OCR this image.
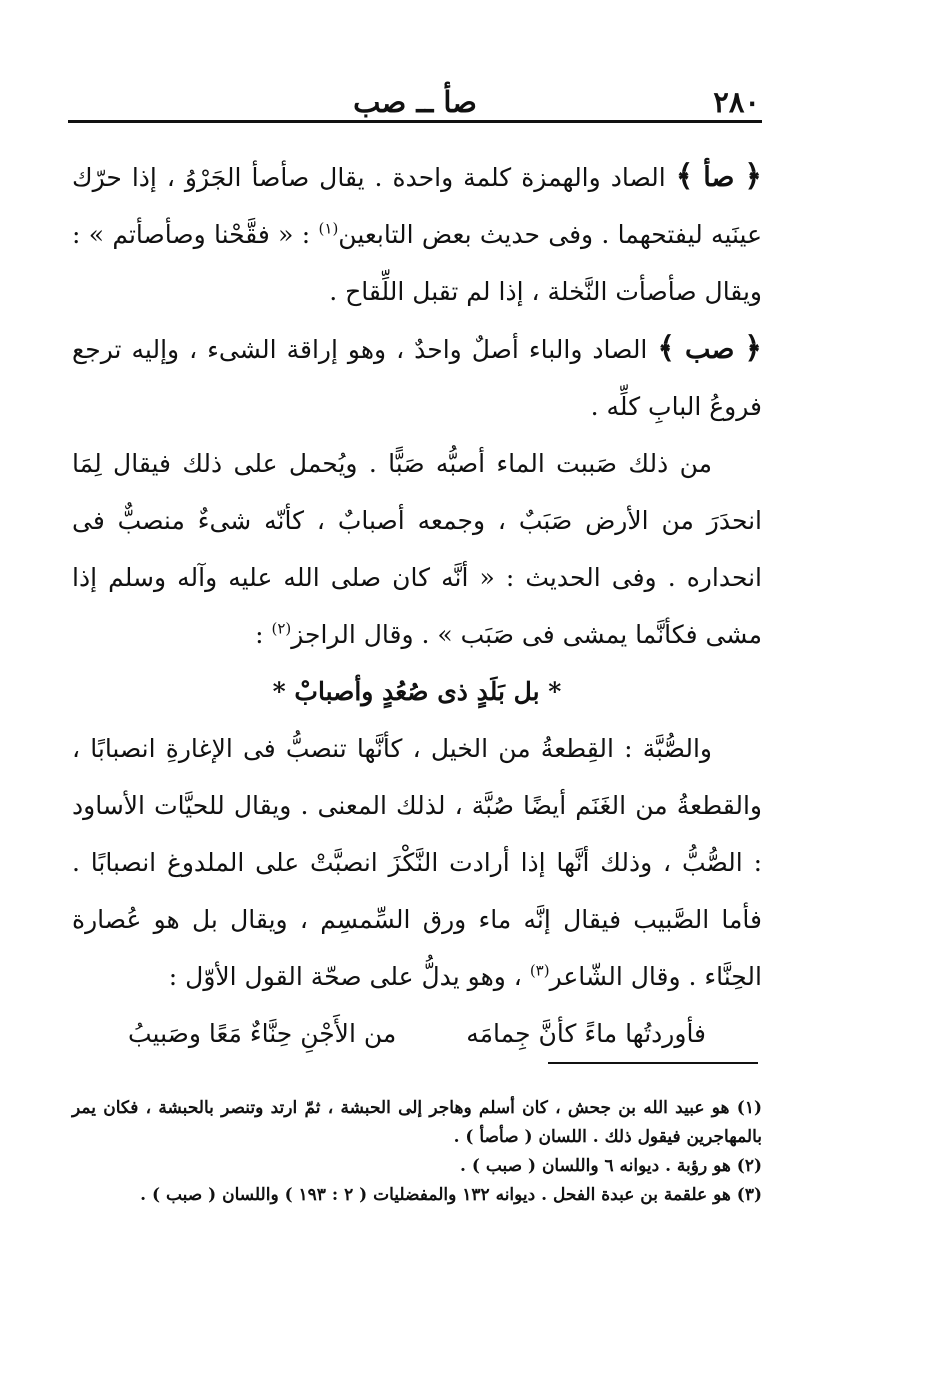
٢٨٠
صأ ــ صب

﴿ صأ ﴾ الصاد والهمزة كلمة واحدة . يقال صأصأ الجَرْوُ ، إذا حرّك عينَيه ليفتحهما . وفى حديث بعض التابعين$^{(١)}$ : « فقَّحْنا وصأصأتم » : ويقال صأصأت النَّخلة ، إذا لم تقبل اللِّقاح .

﴿ صب ﴾ الصاد والباء أصلٌ واحدٌ ، وهو إراقة الشىء ، وإليه ترجع فروعُ البابِ كلِّه .

من ذلك صَببت الماء أصبُّه صَبًّا . ويُحمل على ذلك فيقال لِمَا انحدَرَ من الأرض صَبَبٌ ، وجمعه أصبابٌ ، كأنّه شىءٌ منصبٌّ فى انحداره . وفى الحديث : « أنَّه كان صلى الله عليه وآله وسلم إذا مشى فكأنَّما يمشى فى صَبَب » . وقال الراجز$^{(٢)}$ :

* بل بَلَدٍ ذى صُعُدٍ وأصبابْ *

والصُّبَّة : القِطعةُ من الخيل ، كأنَّها تنصبُّ فى الإغارةِ انصبابًا ، والقطعةُ من الغَنَم أيضًا صُبَّة ، لذلك المعنى . ويقال للحيَّات الأساود : الصُّبُّ ، وذلك أنَّها إذا أرادت النَّكْزَ انصبَّتْ على الملدوغ انصبابًا . فأما الصَّبيب فيقال إنَّه ماء ورق السِّمسِم ، ويقال بل هو عُصارة الحِنَّاء . وقال الشّاعر$^{(٣)}$ ، وهو يدلُّ على صحّة القول الأوّل :

فأوردتُها ماءً كأنَّ جِمامَه
من الأَجْنِ حِنَّاءٌ مَعًا وصَبيبُ

(١) هو عبيد الله بن جحش ، كان أسلم وهاجر إلى الحبشة ، ثمّ ارتد وتنصر بالحبشة ، فكان يمر بالمهاجرين فيقول ذلك . اللسان ( صأصأ ) .

(٢) هو رؤبة . ديوانه ٦ واللسان ( صبب ) .

(٣) هو علقمة بن عبدة الفحل . ديوانه ١٣٢ والمفضليات ( ٢ : ١٩٣ ) واللسان ( صبب ) .
